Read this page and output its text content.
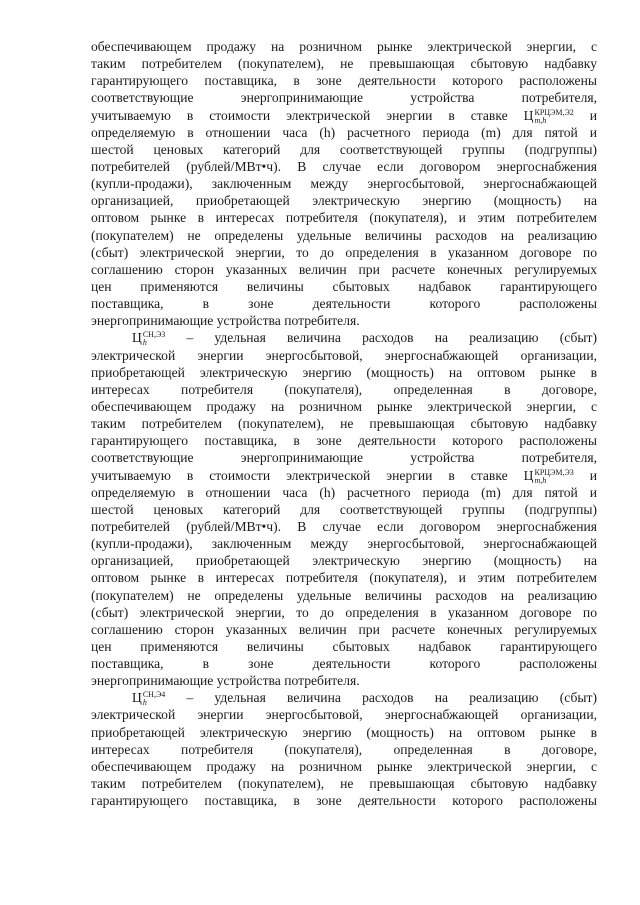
обеспечивающем продажу на розничном рынке электрической энергии, с
таким потребителем (покупателем), не превышающая сбытовую надбавку
гарантирующего поставщика, в зоне деятельности которого расположены
соответствующие энергопринимающие устройства потребителя,
учитываемую в стоимости электрической энергии в ставке Ц КРЦЭМ,Э2
m,h	и
определяемую в отношении часа (h) расчетного периода (m) для пятой и
шестой ценовых категорий для соответствующей группы (подгруппы)
потребителей (рублей/МВт•ч). В случае если договором энергоснабжения
(купли-продажи), заключенным между энергосбытовой, энергоснабжающей
организацией, приобретающей электрическую энергию (мощность) на
оптовом рынке в интересах потребителя (покупателя), и этим потребителем
(покупателем) не определены удельные величины расходов на реализацию
(сбыт) электрической энергии, то до определения в указанном договоре по
соглашению сторон указанных величин при расчете конечных регулируемых
цен применяются величины сбытовых надбавок гарантирующего
поставщика, в зоне деятельности которого расположены
энергопринимающие устройства потребителя.
Ц СН,Э3
h	– удельная величина расходов на реализацию (сбыт)
электрической энергии энергосбытовой, энергоснабжающей организации,
приобретающей электрическую энергию (мощность) на оптовом рынке в
интересах потребителя (покупателя), определенная в договоре,
обеспечивающем продажу на розничном рынке электрической энергии, с
таким потребителем (покупателем), не превышающая сбытовую надбавку
гарантирующего поставщика, в зоне деятельности которого расположены
соответствующие энергопринимающие устройства потребителя,
учитываемую в стоимости электрической энергии в ставке Ц КРЦЭМ,Э3
m,h	и
определяемую в отношении часа (h) расчетного периода (m) для пятой и
шестой ценовых категорий для соответствующей группы (подгруппы)
потребителей (рублей/МВт•ч). В случае если договором энергоснабжения
(купли-продажи), заключенным между энергосбытовой, энергоснабжающей
организацией, приобретающей электрическую энергию (мощность) на
оптовом рынке в интересах потребителя (покупателя), и этим потребителем
(покупателем) не определены удельные величины расходов на реализацию
(сбыт) электрической энергии, то до определения в указанном договоре по
соглашению сторон указанных величин при расчете конечных регулируемых
цен применяются величины сбытовых надбавок гарантирующего
поставщика, в зоне деятельности которого расположены
энергопринимающие устройства потребителя.
Ц СН,Э4
h	– удельная величина расходов на реализацию (сбыт)
электрической энергии энергосбытовой, энергоснабжающей организации,
приобретающей электрическую энергию (мощность) на оптовом рынке в
интересах потребителя (покупателя), определенная в договоре,
обеспечивающем продажу на розничном рынке электрической энергии, с
таким потребителем (покупателем), не превышающая сбытовую надбавку
гарантирующего поставщика, в зоне деятельности которого расположены
